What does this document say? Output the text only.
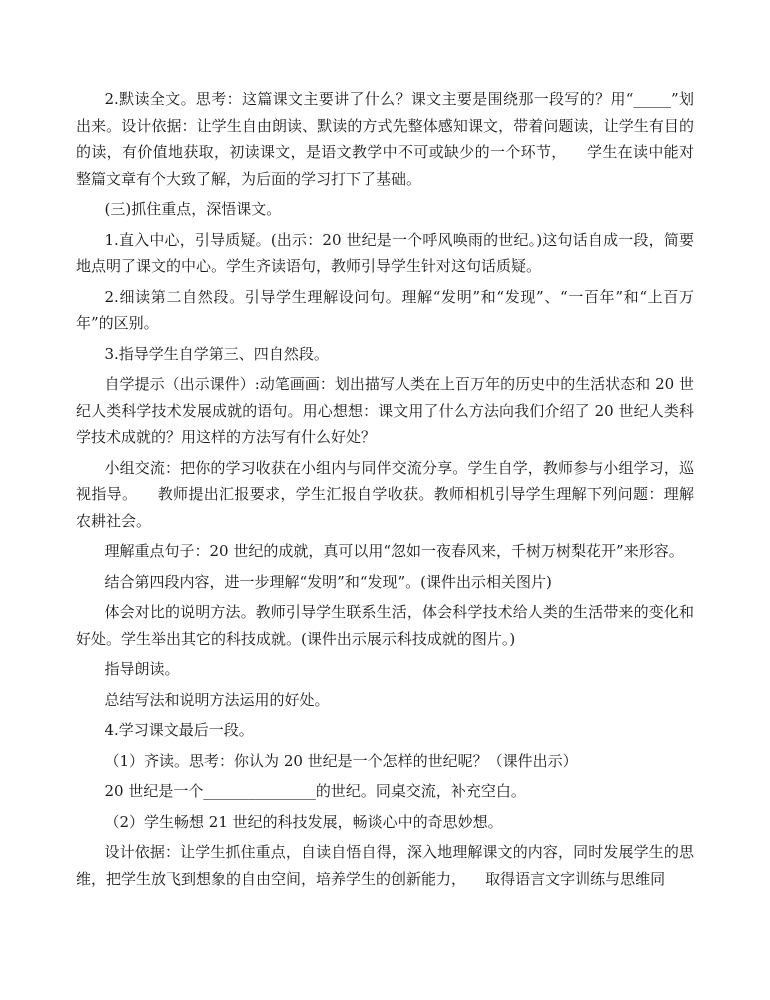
2.默读全文。思考：这篇课文主要讲了什么？课文主要是围绕那一段写的？用“_____”划出来。设计依据：让学生自由朗读、默读的方式先整体感知课文，带着问题读，让学生有目的的读，有价值地获取，初读课文，是语文教学中不可或缺少的一个环节，    学生在读中能对整篇文章有个大致了解，为后面的学习打下了基础。

(三)抓住重点，深悟课文。

1.直入中心，引导质疑。(出示：20 世纪是一个呼风唤雨的世纪。)这句话自成一段，简要地点明了课文的中心。学生齐读语句，教师引导学生针对这句话质疑。

2.细读第二自然段。引导学生理解设问句。理解“发明”和“发现”、“一百年”和“上百万年”的区别。

3.指导学生自学第三、四自然段。

自学提示（出示课件）:动笔画画：划出描写人类在上百万年的历史中的生活状态和 20 世纪人类科学技术发展成就的语句。用心想想：课文用了什么方法向我们介绍了 20 世纪人类科学技术成就的？用这样的方法写有什么好处？

小组交流：把你的学习收获在小组内与同伴交流分享。学生自学，教师参与小组学习，巡视指导。    教师提出汇报要求，学生汇报自学收获。教师相机引导学生理解下列问题：理解农耕社会。

理解重点句子：20 世纪的成就，真可以用“忽如一夜春风来，千树万树梨花开”来形容。

结合第四段内容，进一步理解“发明”和“发现”。(课件出示相关图片)

体会对比的说明方法。教师引导学生联系生活，体会科学技术给人类的生活带来的变化和好处。学生举出其它的科技成就。(课件出示展示科技成就的图片。)

指导朗读。

总结写法和说明方法运用的好处。

4.学习课文最后一段。

（1）齐读。思考：你认为 20 世纪是一个怎样的世纪呢？（课件出示）

20 世纪是一个_______________的世纪。同桌交流，补充空白。

（2）学生畅想 21 世纪的科技发展，畅谈心中的奇思妙想。

设计依据：让学生抓住重点，自读自悟自得，深入地理解课文的内容，同时发展学生的思维，把学生放飞到想象的自由空间，培养学生的创新能力，    取得语言文字训练与思维同
